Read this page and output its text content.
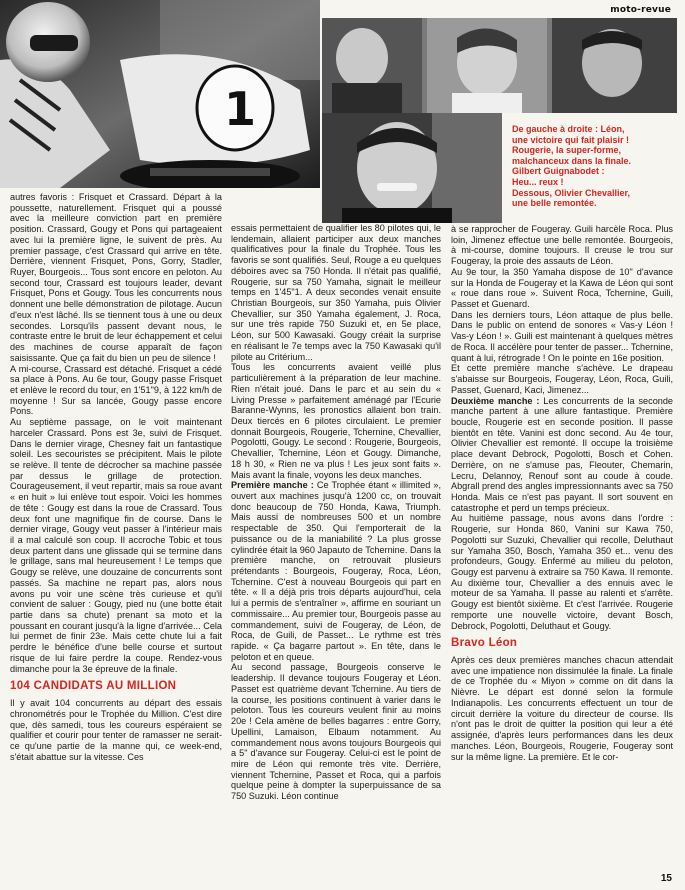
moto-revue
1	De gauche à droite : Léon,
une victoire qui fait plaisir !
Rougerie, la super-forme,
malchanceux dans la finale.
Gilbert Guignabodet :
Heu... reux !
Dessous, Olivier Chevallier,
une belle remontée.

autres favoris : Frisquet et Crassard. Départ à la poussette, naturellement. Frisquet qui a poussé avec la meilleure conviction part en première position. Crassard, Gougy et Pons qui partageaient avec lui la première ligne, le suivent de près. Au premier passage, c'est Crassard qui arrive en tête. Derrière, viennent Frisquet, Pons, Gorry, Stadler, Ruyer, Bourgeois... Tous sont encore en peloton. Au second tour, Crassard est toujours leader, devant Frisquet, Pons et Gougy. Tous les concurrents nous donnent une belle démonstration de pilotage. Aucun d'eux n'est lâché. Ils se tiennent tous à une ou deux secondes. Lorsqu'ils passent devant nous, le contraste entre le bruit de leur échappement et celui des machines de course apparaît de façon saisissante. Que ça fait du bien un peu de silence !

A mi-course, Crassard est détaché. Frisquet a cédé sa place à Pons. Au 6e tour, Gougy passe Frisquet et enlève le record du tour, en 1'51"9, à 122 km/h de moyenne ! Sur sa lancée, Gougy passe encore Pons.

Au septième passage, on le voit maintenant harceler Crassard. Pons est 3e, suivi de Frisquet. Dans le dernier virage, Chesney fait un fantastique soleil. Les secouristes se précipitent. Mais le pilote se relève. Il tente de décrocher sa machine passée par dessus le grillage de protection. Courageusement, il veut repartir, mais sa roue avant « en huit » lui enlève tout espoir. Voici les hommes de tête : Gougy est dans la roue de Crassard. Tous deux font une magnifique fin de course. Dans le dernier virage, Gougy veut passer à l'intérieur mais il a mal calculé son coup. Il accroche Tobic et tous deux partent dans une glissade qui se termine dans le grillage, sans mal heureusement ! Le temps que Gougy se relève, une douzaine de concurrents sont passés. Sa machine ne repart pas, alors nous avons pu voir une scène très curieuse et qu'il convient de saluer : Gougy, pied nu (une botte était partie dans sa chute) prenant sa moto et la poussant en courant jusqu'à la ligne d'arrivée... Cela lui permet de finir 23e. Mais cette chute lui a fait perdre le bénéfice d'une belle course et surtout risque de lui faire perdre la coupe. Rendez-vous dimanche pour la 3e épreuve de la finale.

104 CANDIDATS AU MILLION

Il y avait 104 concurrents au départ des essais chronométrés pour le Trophée du Million. C'est dire que, dès samedi, tous les coureurs espéraient se qualifier et courir pour tenter de ramasser ne serait-ce qu'une partie de la manne qui, ce week-end, s'était abattue sur la vitesse. Ces

essais permettaient de qualifier les 80 pilotes qui, le lendemain, allaient participer aux deux manches qualificatives pour la finale du Trophée. Tous les favoris se sont qualifiés. Seul, Rouge a eu quelques déboires avec sa 750 Honda. Il n'était pas qualifié, Rougerie, sur sa 750 Yamaha, signait le meilleur temps en 1'45"1. A deux secondes venait ensuite Christian Bourgeois, sur 350 Yamaha, puis Olivier Chevallier, sur 350 Yamaha également, J. Roca, sur une très rapide 750 Suzuki et, en 5e place, Léon, sur 500 Kawasaki. Gougy créait la surprise en réalisant le 7e temps avec la 750 Kawasaki qu'il pilote au Critérium...

Tous les concurrents avaient veillé plus particulièrement à la préparation de leur machine. Rien n'était joué. Dans le parc et au sein du « Living Presse » parfaitement aménagé par l'Ecurie Baranne-Wynns, les pronostics allaient bon train. Deux tiercés en 6 pilotes circulaient. Le premier donnait Bourgeois, Rougerie, Tchernine, Chevallier, Pogolotti, Gougy. Le second : Rougerie, Bourgeois, Chevallier, Tchernine, Léon et Gougy. Dimanche, 18 h 30, « Rien ne va plus ! Les jeux sont faits ». Mais avant la finale, voyons les deux manches.

Première manche : Ce Trophée étant « illimited », ouvert aux machines jusqu'à 1200 cc, on trouvait donc beaucoup de 750 Honda, Kawa, Triumph. Mais aussi de nombreuses 500 et un nombre respectable de 350. Qui l'emporterait de la puissance ou de la maniabilité ? La plus grosse cylindrée était la 960 Japauto de Tchernine. Dans la première manche, on retrouvait plusieurs prétendants : Bourgeois, Fougeray, Roca, Léon, Tchernine. C'est à nouveau Bourgeois qui part en tête. « Il a déjà pris trois départs aujourd'hui, cela lui a permis de s'entraîner », affirme en souriant un commissaire... Au premier tour, Bourgeois passe au commandement, suivi de Fougeray, de Léon, de Roca, de Guili, de Passet... Le rythme est très rapide. « Ça bagarre partout ». En tête, dans le peloton et en queue.

Au second passage, Bourgeois conserve le leadership. Il devance toujours Fougeray et Léon. Passet est quatrième devant Tchernine. Au tiers de la course, les positions continuent à varier dans le peloton. Tous les coureurs veulent finir au moins 20e ! Cela amène de belles bagarres : entre Gorry, Upellini, Lamaison, Elbaum notamment. Au commandement nous avons toujours Bourgeois qui a 5" d'avance sur Fougeray. Celui-ci est le point de mire de Léon qui remonte très vite. Derrière, viennent Tchernine, Passet et Roca, qui a parfois quelque peine à dompter la superpuissance de sa 750 Suzuki. Léon continue

à se rapprocher de Fougeray. Guili harcèle Roca. Plus loin, Jimenez effectue une belle remontée. Bourgeois, à mi-course, domine toujours. Il creuse le trou sur Fougeray, la proie des assauts de Léon.

Au 9e tour, la 350 Yamaha dispose de 10" d'avance sur la Honda de Fougeray et la Kawa de Léon qui sont « roue dans roue ». Suivent Roca, Tchernine, Guili, Passet et Guenard.

Dans les derniers tours, Léon attaque de plus belle. Dans le public on entend de sonores « Vas-y Léon ! Vas-y Léon ! ». Guili est maintenant à quelques mètres de Roca. Il accélère pour tenter de passer... Tchernine, quant à lui, rétrograde ! On le pointe en 16e position.

Et cette première manche s'achève. Le drapeau s'abaisse sur Bourgeois, Fougeray, Léon, Roca, Guili, Passet, Guenard, Kaci, Jimenez...

Deuxième manche : Les concurrents de la seconde manche partent à une allure fantastique. Première boucle, Rougerie est en seconde position. Il passe bientôt en tête. Vanini est donc second. Au 4e tour, Olivier Chevallier est remonté. Il occupe la troisième place devant Debrock, Pogolotti, Bosch et Cohen. Derrière, on ne s'amuse pas, Fleouter, Chemarin, Lecru, Delannoy, Renouf sont au coude à coude. Abgrall prend des angles impressionnants avec sa 750 Honda. Mais ce n'est pas payant. Il sort souvent en catastrophe et perd un temps précieux.

Au huitième passage, nous avons dans l'ordre : Rougerie, sur Honda 860, Vanini sur Kawa 750, Pogolotti sur Suzuki, Chevallier qui recolle, Deluthaut sur Yamaha 350, Bosch, Yamaha 350 et... venu des profondeurs, Gougy. Enfermé au milieu du peloton, Gougy est parvenu à extraire sa 750 Kawa. Il remonte. Au dixième tour, Chevallier a des ennuis avec le moteur de sa Yamaha. Il passe au ralenti et s'arrête. Gougy est bientôt sixième. Et c'est l'arrivée. Rougerie remporte une nouvelle victoire, devant Bosch, Debrock, Pogolotti, Deluthaut et Gougy.

Bravo Léon

Après ces deux premières manches chacun attendait avec une impatience non dissimulée la finale. La finale de ce Trophée du « Miyon » comme on dit dans la Nièvre. Le départ est donné selon la formule Indianapolis. Les concurrents effectuent un tour de circuit derrière la voiture du directeur de course. Ils n'ont pas le droit de quitter la position qui leur a été assignée, d'après leurs performances dans les deux manches. Léon, Bourgeois, Rougerie, Fougeray sont sur la même ligne. La première. Et le cor-

15
